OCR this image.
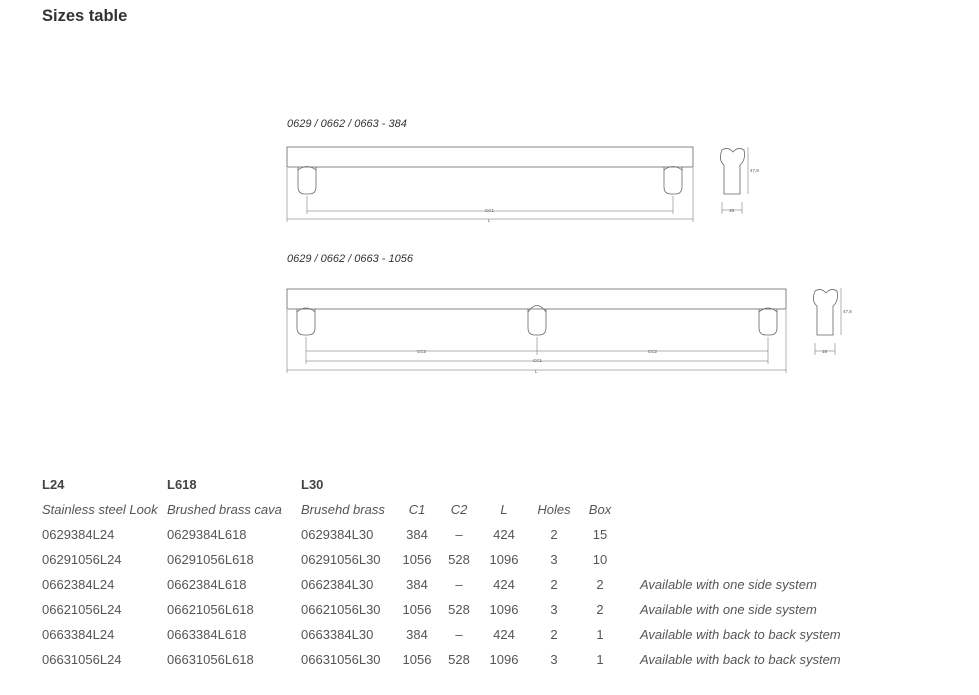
Sizes table
0629 / 0662 / 0663 - 384
CC1
L
47,8
18
0629 / 0662 / 0663 - 1056
CC2	CC2
CC1
L
47,8
18
L24	L618	L30						
Stainless steel Look	Brushed brass cava	Brusehd brass	C1	C2	L	Holes	Box	
0629384L24	0629384L618	0629384L30	384	–	424	2	15	
06291056L24	06291056L618	06291056L30	1056	528	1096	3	10	
0662384L24	0662384L618	0662384L30	384	–	424	2	2	Available with one side system
06621056L24	06621056L618	06621056L30	1056	528	1096	3	2	Available with one side system
0663384L24	0663384L618	0663384L30	384	–	424	2	1	Available with back to back system
06631056L24	06631056L618	06631056L30	1056	528	1096	3	1	Available with back to back system
